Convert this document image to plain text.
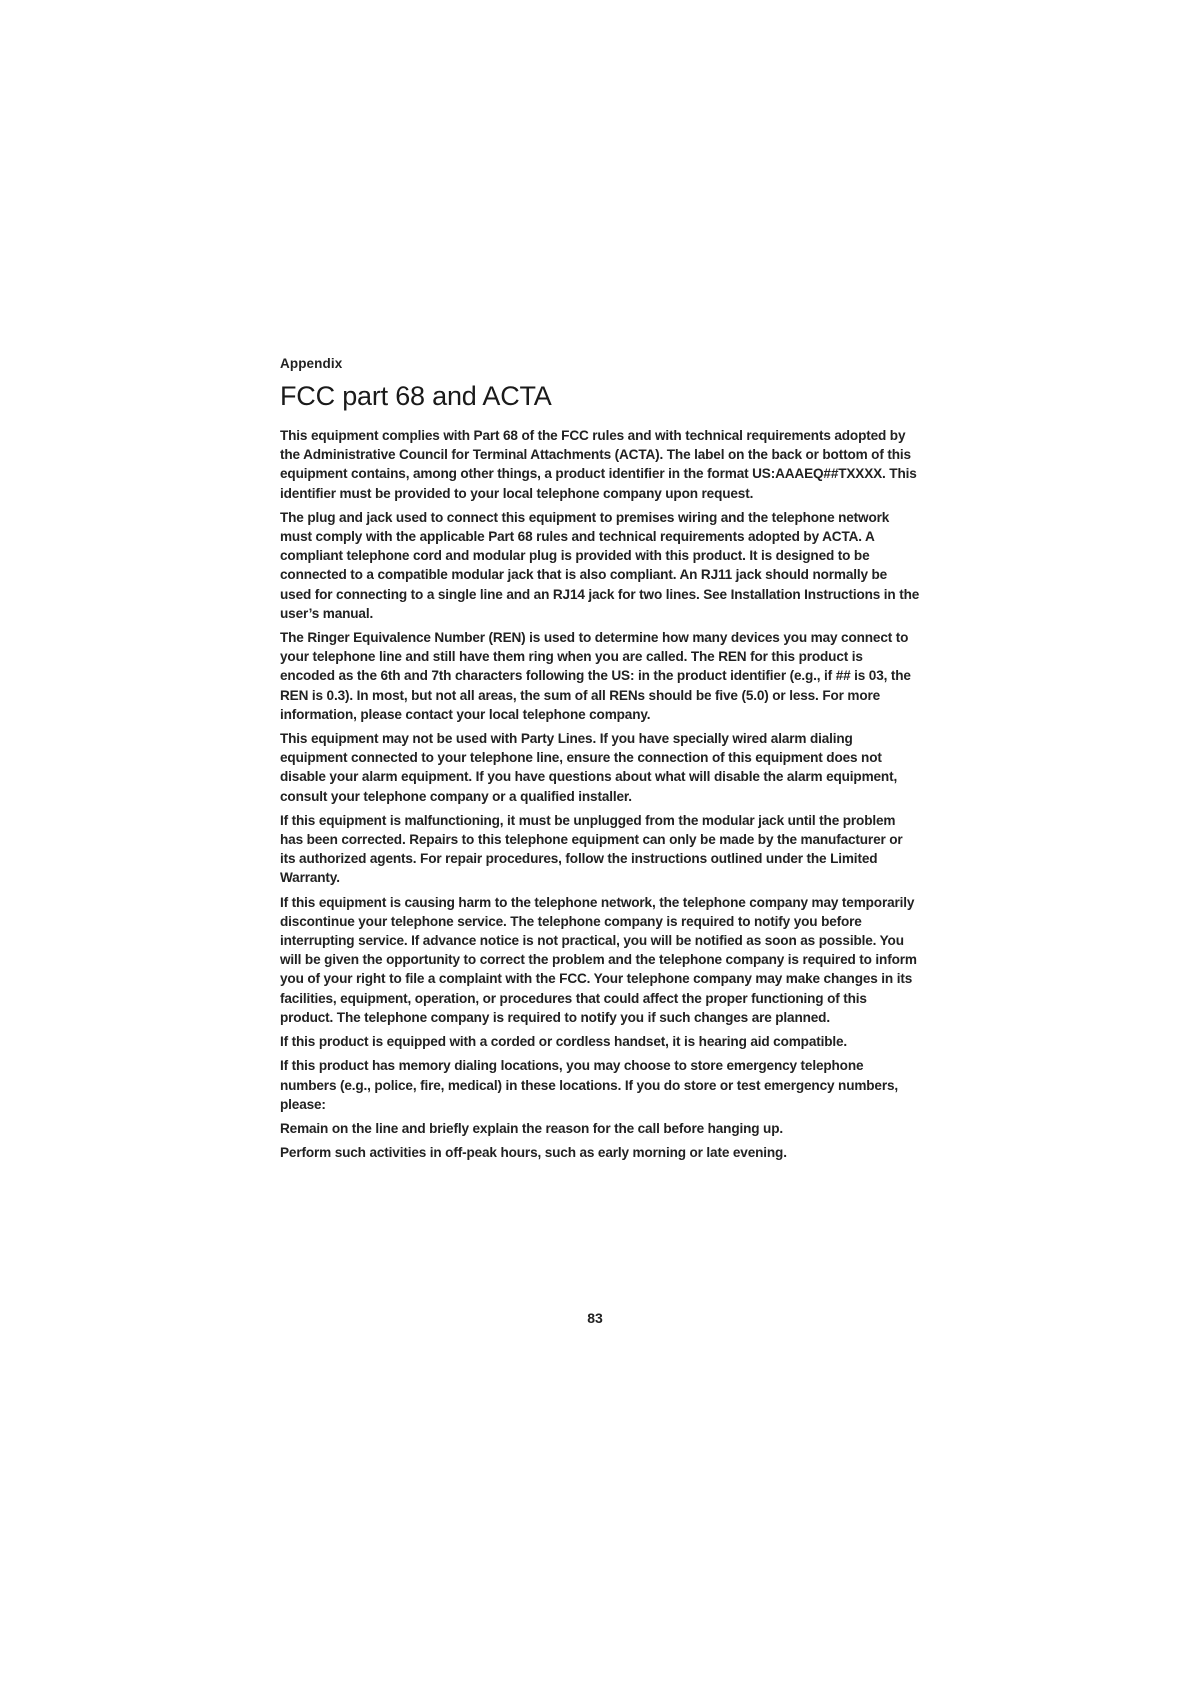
Appendix
FCC part 68 and ACTA

This equipment complies with Part 68 of the FCC rules and with technical requirements adopted by the Administrative Council for Terminal Attachments (ACTA). The label on the back or bottom of this equipment contains, among other things, a product identifier in the format US:AAAEQ##TXXXX. This identifier must be provided to your local telephone company upon request.

The plug and jack used to connect this equipment to premises wiring and the telephone network must comply with the applicable Part 68 rules and technical requirements adopted by ACTA. A compliant telephone cord and modular plug is provided with this product. It is designed to be connected to a compatible modular jack that is also compliant. An RJ11 jack should normally be used for connecting to a single line and an RJ14 jack for two lines. See Installation Instructions in the user’s manual.

The Ringer Equivalence Number (REN) is used to determine how many devices you may connect to your telephone line and still have them ring when you are called. The REN for this product is encoded as the 6th and 7th characters following the US: in the product identifier (e.g., if ## is 03, the REN is 0.3). In most, but not all areas, the sum of all RENs should be five (5.0) or less. For more information, please contact your local telephone company.

This equipment may not be used with Party Lines. If you have specially wired alarm dialing equipment connected to your telephone line, ensure the connection of this equipment does not disable your alarm equipment. If you have questions about what will disable the alarm equipment, consult your telephone company or a qualified installer.

If this equipment is malfunctioning, it must be unplugged from the modular jack until the problem has been corrected. Repairs to this telephone equipment can only be made by the manufacturer or its authorized agents. For repair procedures, follow the instructions outlined under the Limited Warranty.

If this equipment is causing harm to the telephone network, the telephone company may temporarily discontinue your telephone service. The telephone company is required to notify you before interrupting service. If advance notice is not practical, you will be notified as soon as possible. You will be given the opportunity to correct the problem and the telephone company is required to inform you of your right to file a complaint with the FCC. Your telephone company may make changes in its facilities, equipment, operation, or procedures that could affect the proper functioning of this product. The telephone company is required to notify you if such changes are planned.

If this product is equipped with a corded or cordless handset, it is hearing aid compatible.

If this product has memory dialing locations, you may choose to store emergency telephone numbers (e.g., police, fire, medical) in these locations. If you do store or test emergency numbers, please:

Remain on the line and briefly explain the reason for the call before hanging up.

Perform such activities in off-peak hours, such as early morning or late evening.

83
